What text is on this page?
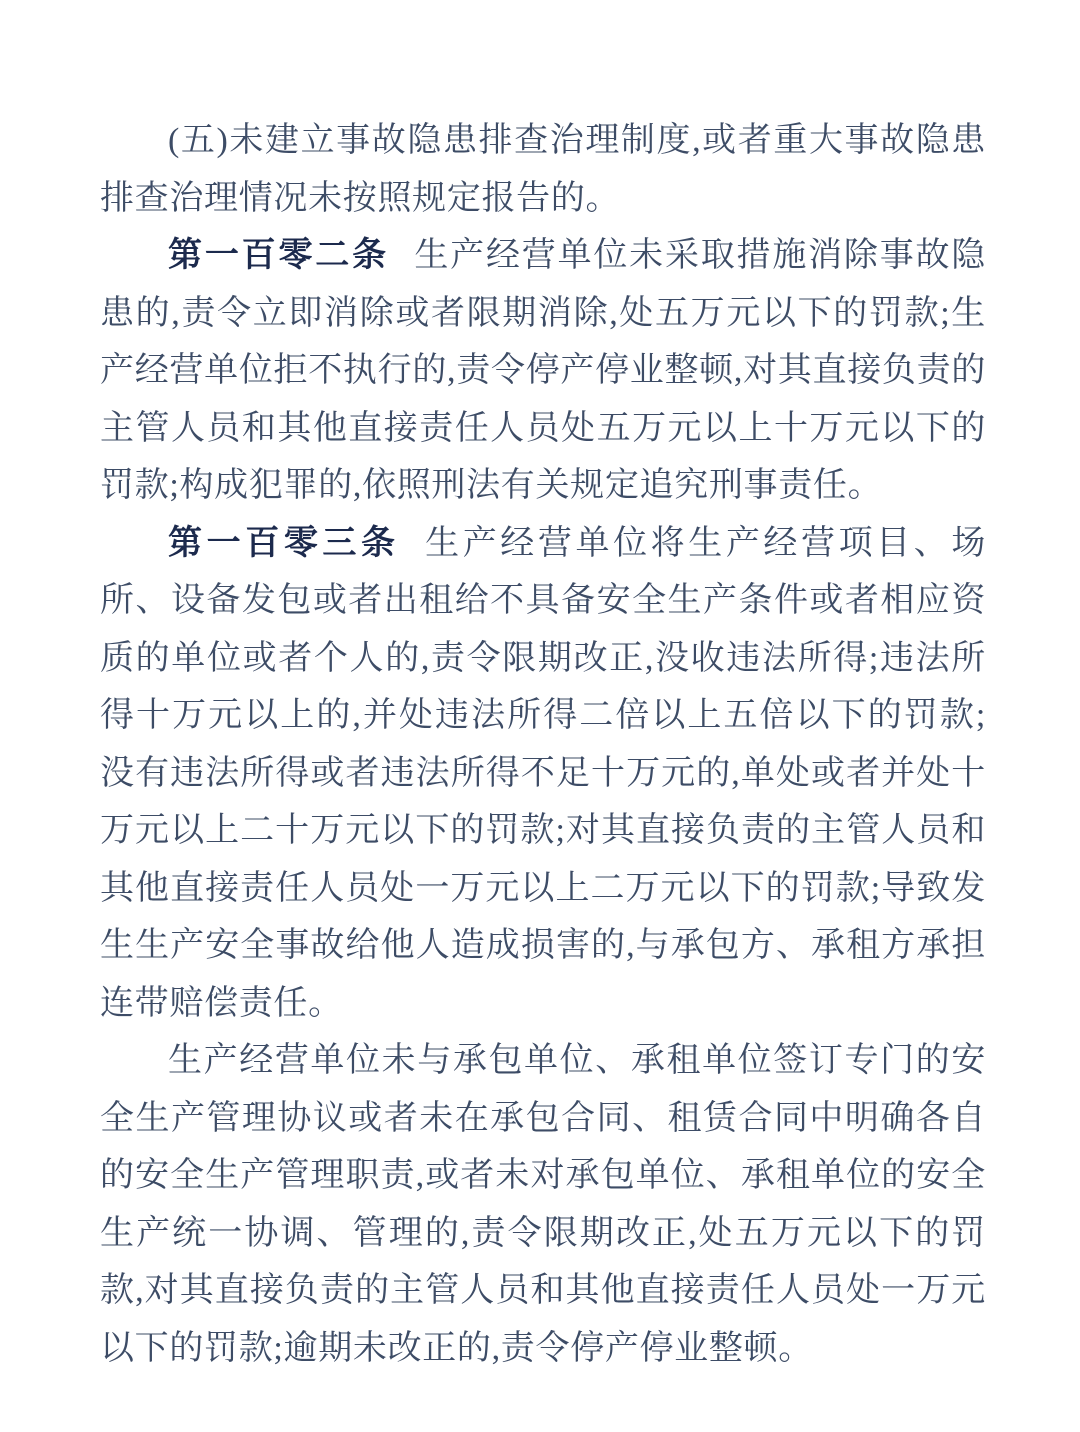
(五)未建立事故隐患排查治理制度,或者重大事故隐患排查治理情况未按照规定报告的。

第一百零二条 生产经营单位未采取措施消除事故隐患的,责令立即消除或者限期消除,处五万元以下的罚款;生产经营单位拒不执行的,责令停产停业整顿,对其直接负责的主管人员和其他直接责任人员处五万元以上十万元以下的罚款;构成犯罪的,依照刑法有关规定追究刑事责任。

第一百零三条 生产经营单位将生产经营项目、场所、设备发包或者出租给不具备安全生产条件或者相应资质的单位或者个人的,责令限期改正,没收违法所得;违法所得十万元以上的,并处违法所得二倍以上五倍以下的罚款;没有违法所得或者违法所得不足十万元的,单处或者并处十万元以上二十万元以下的罚款;对其直接负责的主管人员和其他直接责任人员处一万元以上二万元以下的罚款;导致发生生产安全事故给他人造成损害的,与承包方、承租方承担连带赔偿责任。

生产经营单位未与承包单位、承租单位签订专门的安全生产管理协议或者未在承包合同、租赁合同中明确各自的安全生产管理职责,或者未对承包单位、承租单位的安全生产统一协调、管理的,责令限期改正,处五万元以下的罚款,对其直接负责的主管人员和其他直接责任人员处一万元以下的罚款;逾期未改正的,责令停产停业整顿。
